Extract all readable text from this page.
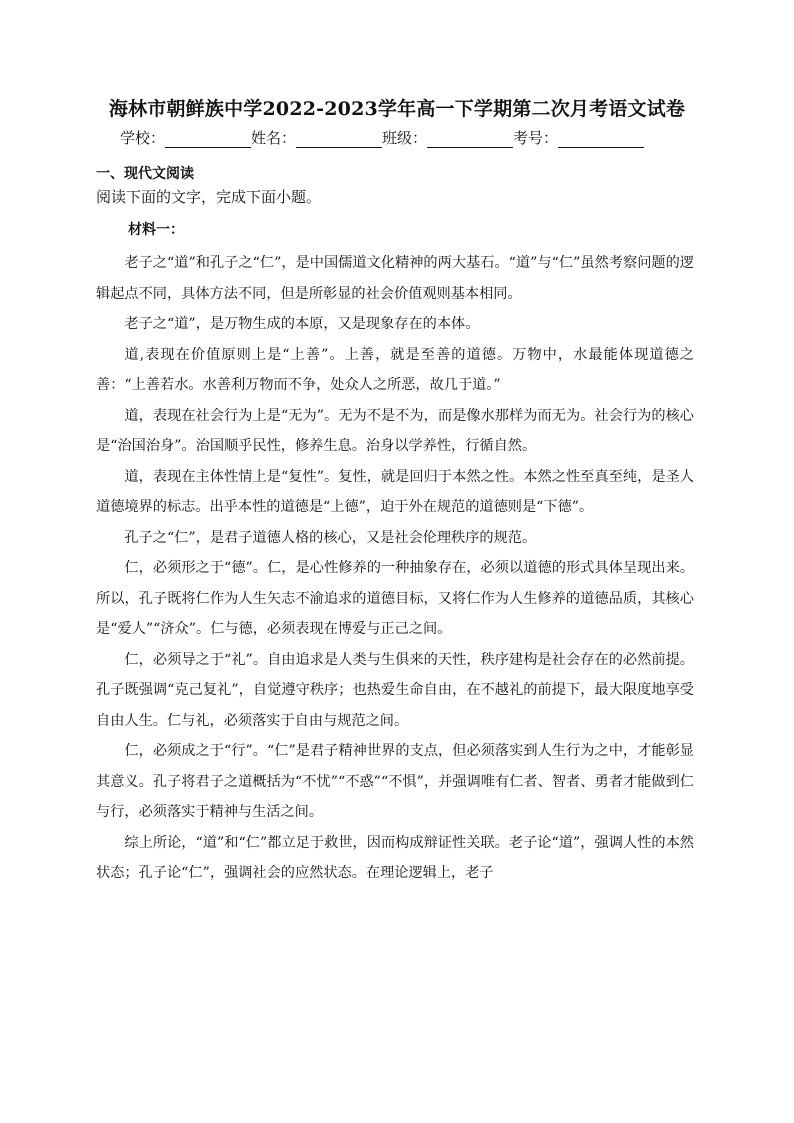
海林市朝鲜族中学2022-2023学年高一下学期第二次月考语文试卷
学校：	姓名：	班级：	考号：
一、现代文阅读
阅读下面的文字，完成下面小题。
材料一：

老子之“道”和孔子之“仁”，是中国儒道文化精神的两大基石。“道”与“仁”虽然考察问题的逻辑起点不同，具体方法不同，但是所彰显的社会价值观则基本相同。

老子之“道”，是万物生成的本原，又是现象存在的本体。

道,表现在价值原则上是“上善”。上善，就是至善的道德。万物中，水最能体现道德之善：“上善若水。水善利万物而不争，处众人之所恶，故几于道。”

道，表现在社会行为上是“无为”。无为不是不为，而是像水那样为而无为。社会行为的核心是“治国治身”。治国顺乎民性，修养生息。治身以学养性，行循自然。

道，表现在主体性情上是“复性”。复性，就是回归于本然之性。本然之性至真至纯，是圣人道德境界的标志。出乎本性的道德是“上德”，迫于外在规范的道德则是“下德”。

孔子之“仁”，是君子道德人格的核心，又是社会伦理秩序的规范。

仁，必须形之于“德”。仁，是心性修养的一种抽象存在，必须以道德的形式具体呈现出来。所以，孔子既将仁作为人生矢志不渝追求的道德目标，又将仁作为人生修养的道德品质，其核心是“爱人”“济众”。仁与德，必须表现在博爱与正己之间。

仁，必须导之于“礼”。自由追求是人类与生俱来的天性，秩序建构是社会存在的必然前提。孔子既强调“克己复礼”，自觉遵守秩序；也热爱生命自由，在不越礼的前提下，最大限度地享受自由人生。仁与礼，必须落实于自由与规范之间。

仁，必须成之于“行”。“仁”是君子精神世界的支点，但必须落实到人生行为之中，才能彰显其意义。孔子将君子之道概括为“不忧”“不惑”“不惧”，并强调唯有仁者、智者、勇者才能做到仁与行，必须落实于精神与生活之间。

综上所论，“道”和“仁”都立足于救世，因而构成辩证性关联。老子论“道”，强调人性的本然状态；孔子论“仁”，强调社会的应然状态。在理论逻辑上，老子
